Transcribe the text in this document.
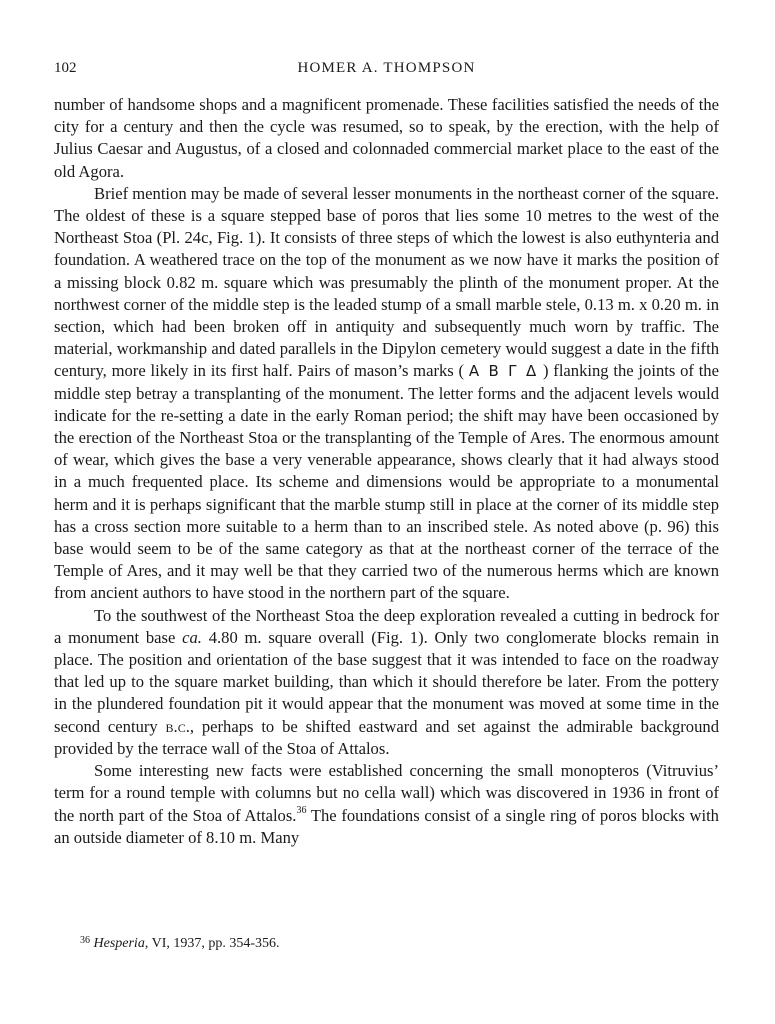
102	HOMER A. THOMPSON

number of handsome shops and a magnificent promenade. These facilities satisfied the needs of the city for a century and then the cycle was resumed, so to speak, by the erection, with the help of Julius Caesar and Augustus, of a closed and colonnaded commercial market place to the east of the old Agora.

Brief mention may be made of several lesser monuments in the northeast corner of the square. The oldest of these is a square stepped base of poros that lies some 10 metres to the west of the Northeast Stoa (Pl. 24c, Fig. 1). It consists of three steps of which the lowest is also euthynteria and foundation. A weathered trace on the top of the monument as we now have it marks the position of a missing block 0.82 m. square which was presumably the plinth of the monument proper. At the northwest corner of the middle step is the leaded stump of a small marble stele, 0.13 m. x 0.20 m. in section, which had been broken off in antiquity and subsequently much worn by traffic. The material, workmanship and dated parallels in the Dipylon cemetery would suggest a date in the fifth century, more likely in its first half. Pairs of mason’s marks ( Α Β Γ Δ ) flanking the joints of the middle step betray a transplanting of the monument. The letter forms and the adjacent levels would indicate for the re-setting a date in the early Roman period; the shift may have been occasioned by the erection of the Northeast Stoa or the transplanting of the Temple of Ares. The enormous amount of wear, which gives the base a very venerable appearance, shows clearly that it had always stood in a much frequented place. Its scheme and dimensions would be appropriate to a monumental herm and it is perhaps significant that the marble stump still in place at the corner of its middle step has a cross section more suitable to a herm than to an inscribed stele. As noted above (p. 96) this base would seem to be of the same category as that at the northeast corner of the terrace of the Temple of Ares, and it may well be that they carried two of the numerous herms which are known from ancient authors to have stood in the northern part of the square.

To the southwest of the Northeast Stoa the deep exploration revealed a cutting in bedrock for a monument base ca. 4.80 m. square overall (Fig. 1). Only two conglomerate blocks remain in place. The position and orientation of the base suggest that it was intended to face on the roadway that led up to the square market building, than which it should therefore be later. From the pottery in the plundered foundation pit it would appear that the monument was moved at some time in the second century b.c., perhaps to be shifted eastward and set against the admirable background provided by the terrace wall of the Stoa of Attalos.

Some interesting new facts were established concerning the small monopteros (Vitruvius’ term for a round temple with columns but no cella wall) which was discovered in 1936 in front of the north part of the Stoa of Attalos.$^{36}$ The foundations consist of a single ring of poros blocks with an outside diameter of 8.10 m. Many

$^{36}$ Hesperia, VI, 1937, pp. 354-356.
